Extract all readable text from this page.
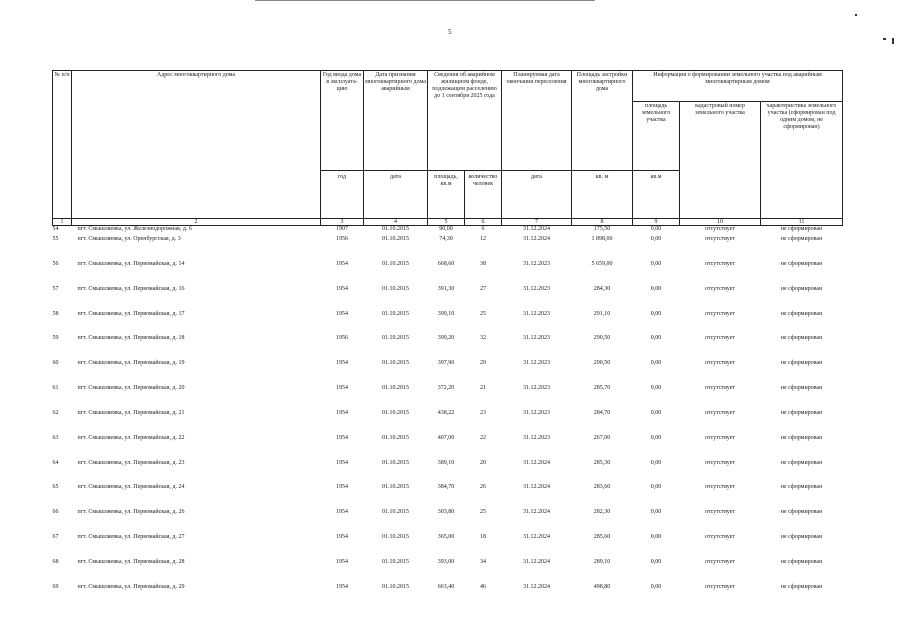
5
№ п/п	Адрес многоквартирного дома	Год ввода дома в эксплуата-цию	Дата признания многоквартирного дома аварийным	Сведения об аварийном жилищном фонде, подлежащем расселению до 1 сентября 2025 года		Планируемая дата окончания переселения	Площадь застройки многоквартирного дома	Информация о формировании земельного участка под аварийным многоквартирным домом		
								площадь земельного участка	кадастровый номер земельного участка	характеристика земельного участка (сформирован под одним домом, не сформирован)
		год	дата	площадь, кв.м	количество человек	дата	кв. м	кв.м		
1	2	3	4	5	6	7	8	9	10	11
54	пгт. Смышляевка, ул. Железнодорожная, д. 6	1907	01.10.2015	90,00	6	31.12.2024	175,50	0,00	отсутствует	не сформирован
55	пгт. Смышляевка, ул. Оренбургская, д. 3	1956	01.10.2015	74,30	12	31.12.2024	1 898,00	0,00	отсутствует	не сформирован
56	пгт. Смышляевка, ул. Первомайская, д. 14	1954	01.10.2015	668,60	38	31.12.2023	5 659,00	0,00	отсутствует	не сформирован
57	пгт. Смышляевка, ул. Первомайская, д. 16	1954	01.10.2015	391,30	27	31.12.2023	284,30	0,00	отсутствует	не сформирован
58	пгт. Смышляевка, ул. Первомайская, д. 17	1954	01.10.2015	399,10	25	31.12.2023	291,10	0,00	отсутствует	не сформирован
59	пгт. Смышляевка, ул. Первомайская, д. 18	1956	01.10.2015	399,20	32	31.12.2023	290,50	0,00	отсутствует	не сформирован
60	пгт. Смышляевка, ул. Первомайская, д. 19	1954	01.10.2015	397,90	29	31.12.2023	290,50	0,00	отсутствует	не сформирован
61	пгт. Смышляевка, ул. Первомайская, д. 20	1954	01.10.2015	372,20	21	31.12.2023	285,70	0,00	отсутствует	не сформирован
62	пгт. Смышляевка, ул. Первомайская, д. 21	1954	01.10.2015	438,22	23	31.12.2023	284,70	0,00	отсутствует	не сформирован
63	пгт. Смышляевка, ул. Первомайская, д. 22	1954	01.10.2015	407,00	22	31.12.2023	267,00	0,00	отсутствует	не сформирован
64	пгт. Смышляевка, ул. Первомайская, д. 23	1954	01.10.2015	389,10	20	31.12.2024	285,30	0,00	отсутствует	не сформирован
65	пгт. Смышляевка, ул. Первомайская, д. 24	1954	01.10.2015	384,70	26	31.12.2024	283,60	0,00	отсутствует	не сформирован
66	пгт. Смышляевка, ул. Первомайская, д. 26	1954	01.10.2015	303,80	25	31.12.2024	282,30	0,00	отсутствует	не сформирован
67	пгт. Смышляевка, ул. Первомайская, д. 27	1954	01.10.2015	365,00	18	31.12.2024	285,60	0,00	отсутствует	не сформирован
68	пгт. Смышляевка, ул. Первомайская, д. 28	1954	01.10.2015	393,00	34	31.12.2024	289,10	0,00	отсутствует	не сформирован
69	пгт. Смышляевка, ул. Первомайская, д. 29	1954	01.10.2015	663,40	46	31.12.2024	498,80	0,00	отсутствует	не сформирован
